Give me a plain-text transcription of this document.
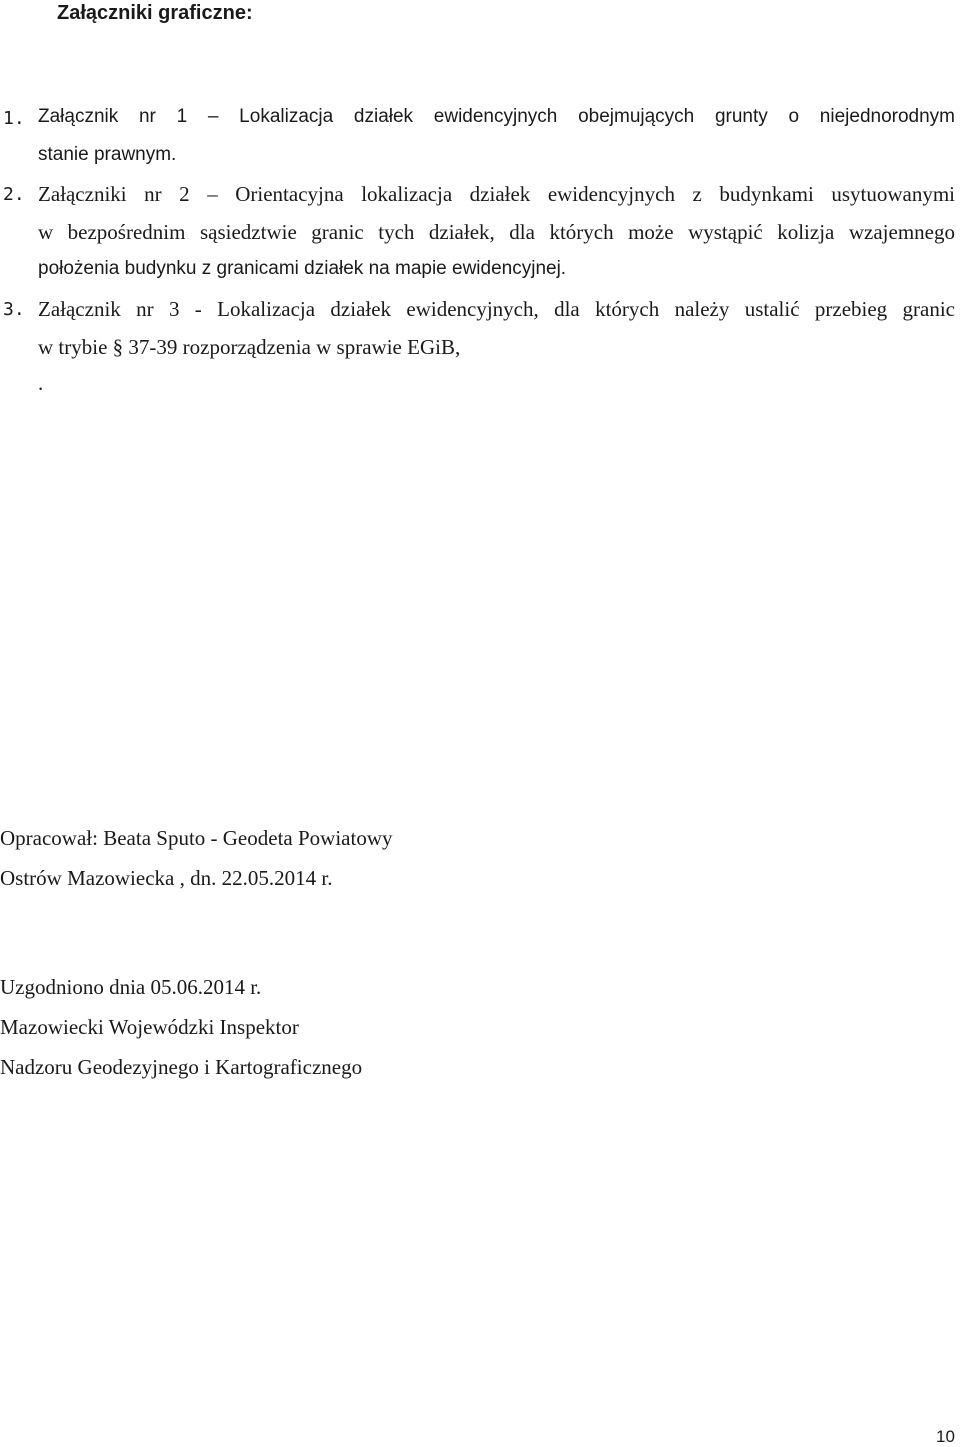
Załączniki graficzne:
1. Załącznik nr 1 – Lokalizacja działek ewidencyjnych obejmujących grunty o niejednorodnym
stanie prawnym.
2. Załączniki nr 2 – Orientacyjna lokalizacja działek ewidencyjnych z budynkami usytuowanymi
w bezpośrednim sąsiedztwie granic tych działek, dla których może wystąpić kolizja wzajemnego
położenia budynku z granicami działek na mapie ewidencyjnej.
3. Załącznik nr 3 - Lokalizacja działek ewidencyjnych, dla których należy ustalić przebieg granic
w trybie § 37-39 rozporządzenia w sprawie EGiB,
.
Opracował: Beata Sputo - Geodeta Powiatowy
Ostrów Mazowiecka , dn. 22.05.2014 r.
Uzgodniono dnia 05.06.2014 r.
Mazowiecki Wojewódzki Inspektor
Nadzoru Geodezyjnego i Kartograficznego
10
